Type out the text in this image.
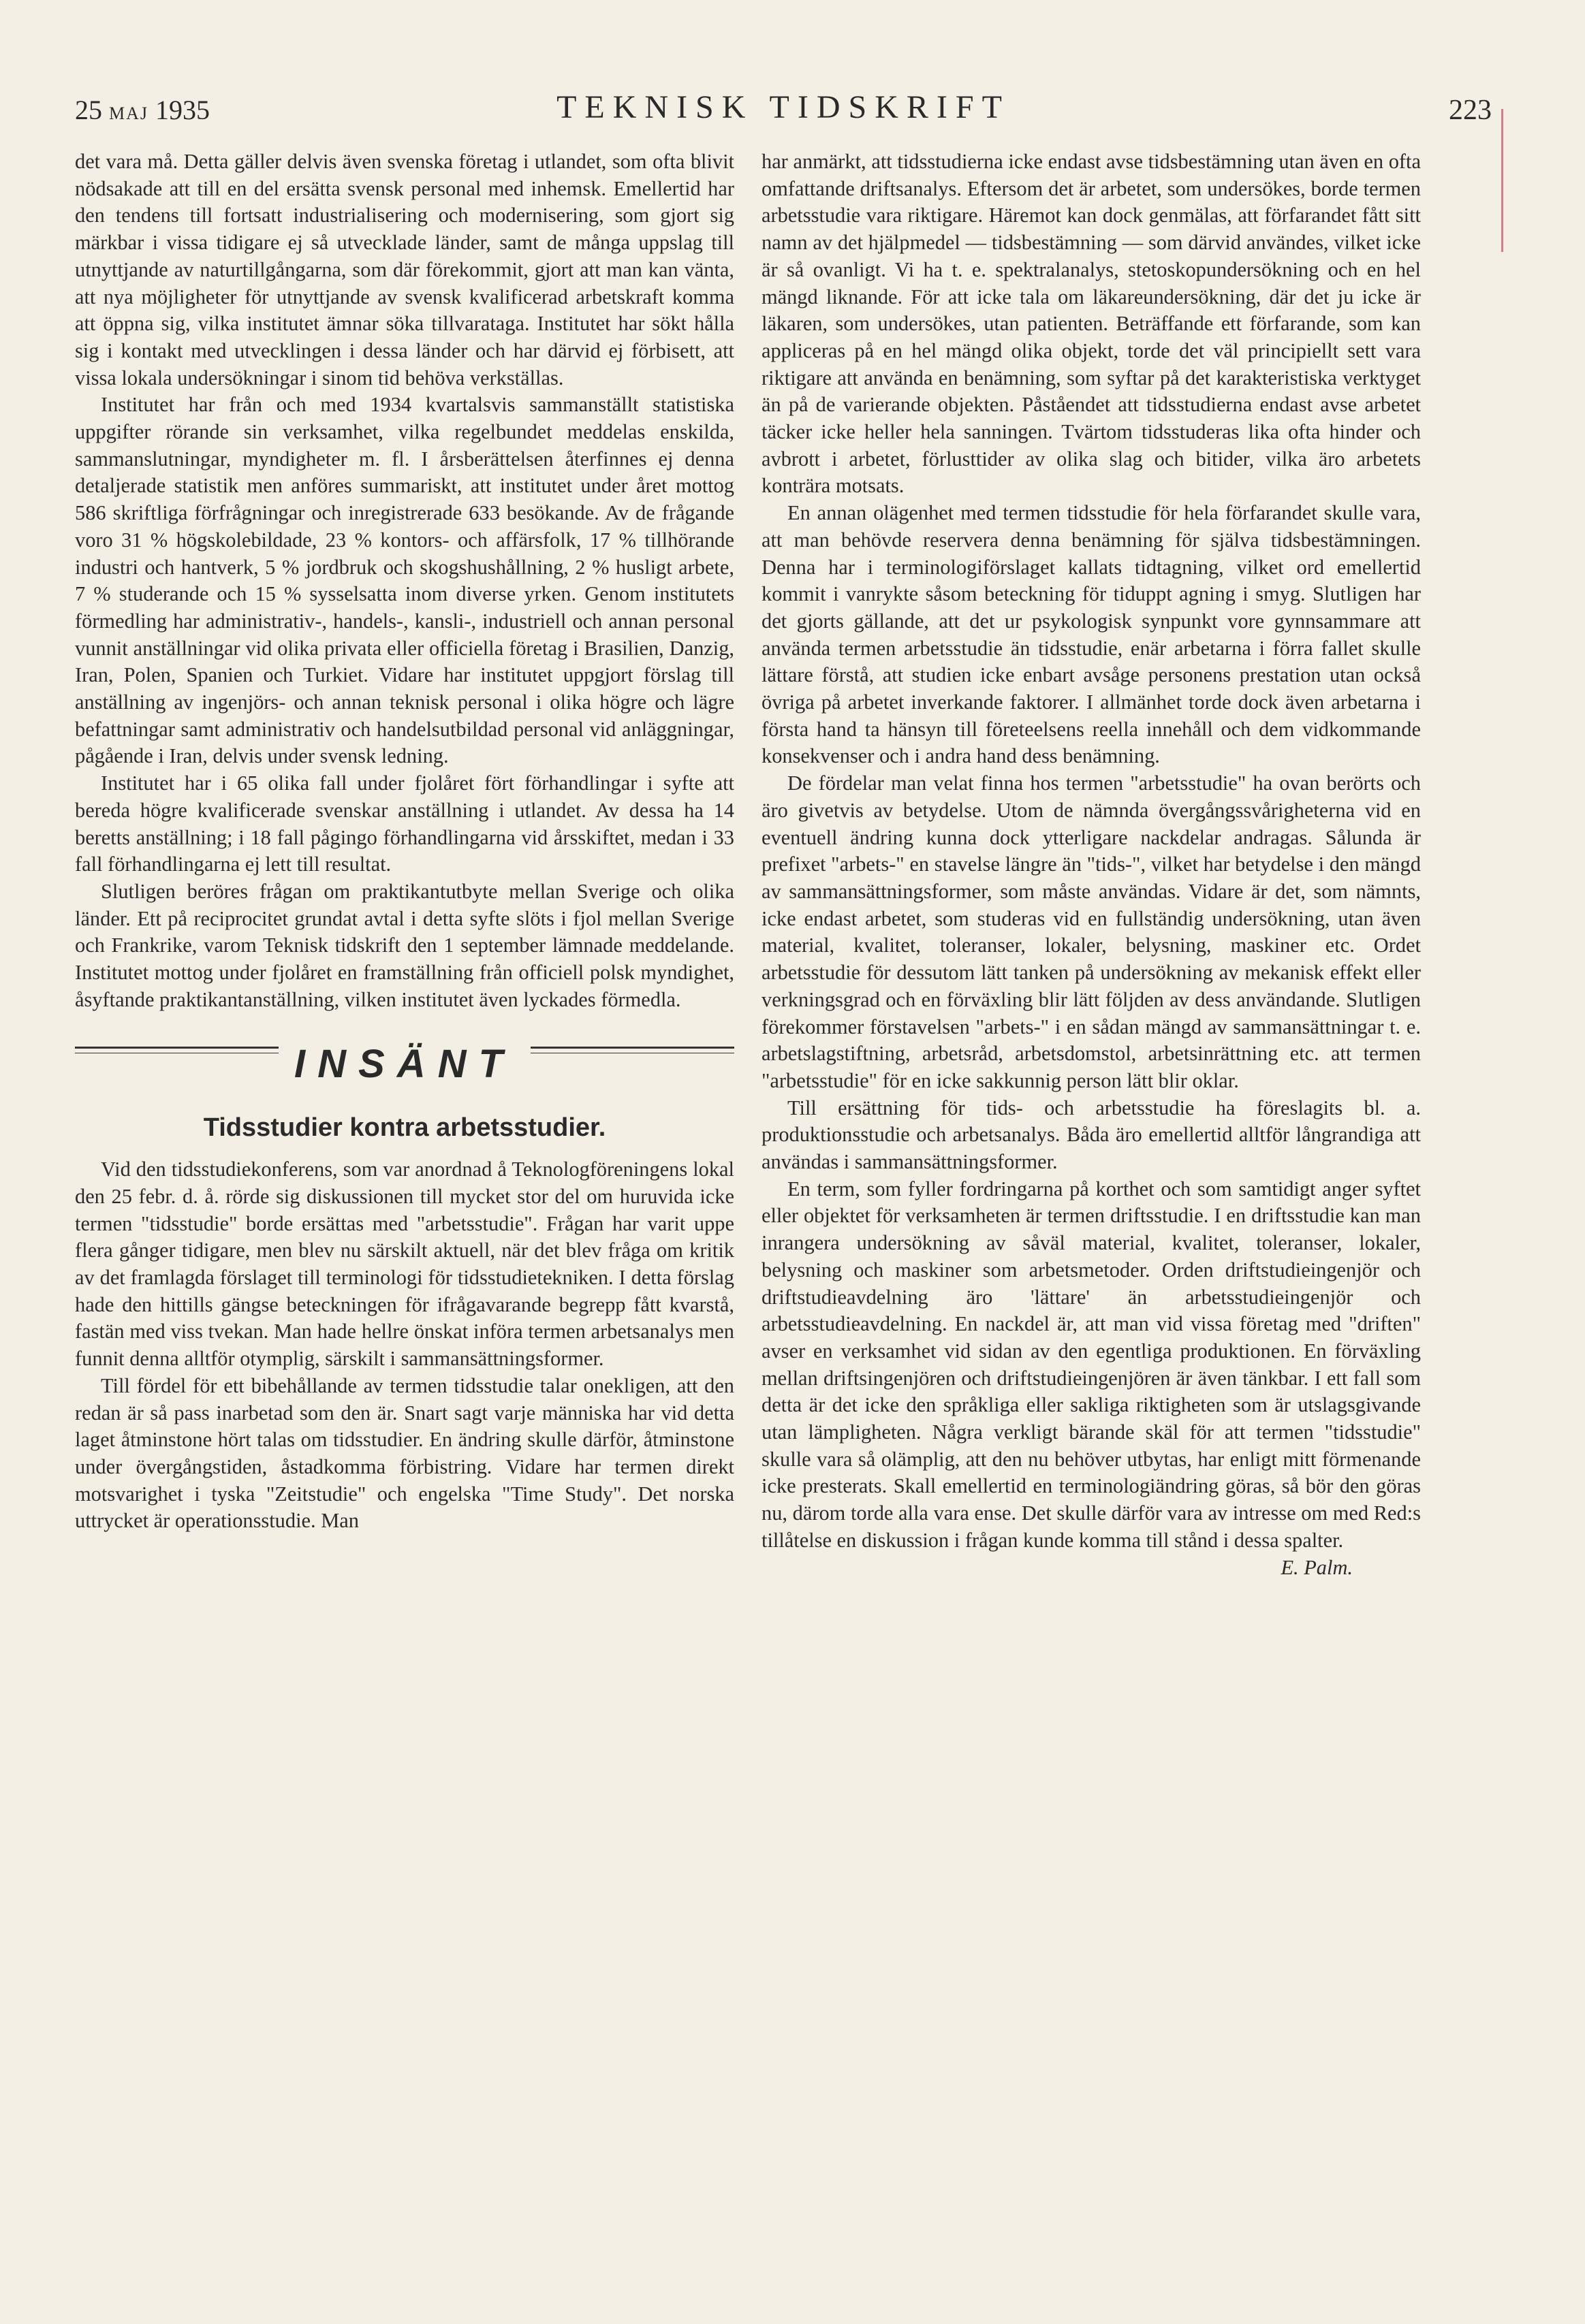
25 MAJ 1935	TEKNISK TIDSKRIFT	223

det vara må. Detta gäller delvis även svenska företag i utlandet, som ofta blivit nödsakade att till en del ersätta svensk personal med inhemsk. Emellertid har den tendens till fortsatt industrialisering och modernisering, som gjort sig märkbar i vissa tidigare ej så utvecklade länder, samt de många uppslag till utnyttjande av naturtillgångarna, som där förekommit, gjort att man kan vänta, att nya möjligheter för utnyttjande av svensk kvalificerad arbetskraft komma att öppna sig, vilka institutet ämnar söka tillvarataga. Institutet har sökt hålla sig i kontakt med utvecklingen i dessa länder och har därvid ej förbisett, att vissa lokala undersökningar i sinom tid behöva verkställas.

Institutet har från och med 1934 kvartalsvis sammanställt statistiska uppgifter rörande sin verksamhet, vilka regelbundet meddelas enskilda, sammanslutningar, myndigheter m. fl. I årsberättelsen återfinnes ej denna detaljerade statistik men anföres summariskt, att institutet under året mottog 586 skriftliga förfrågningar och inregistrerade 633 besökande. Av de frågande voro 31 % högskolebildade, 23 % kontors- och affärsfolk, 17 % tillhörande industri och hantverk, 5 % jordbruk och skogshushållning, 2 % husligt arbete, 7 % studerande och 15 % sysselsatta inom diverse yrken. Genom institutets förmedling har administrativ-, handels-, kansli-, industriell och annan personal vunnit anställningar vid olika privata eller officiella företag i Brasilien, Danzig, Iran, Polen, Spanien och Turkiet. Vidare har institutet uppgjort förslag till anställning av ingenjörs- och annan teknisk personal i olika högre och lägre befattningar samt administrativ och handelsutbildad personal vid anläggningar, pågående i Iran, delvis under svensk ledning.

Institutet har i 65 olika fall under fjolåret fört förhandlingar i syfte att bereda högre kvalificerade svenskar anställning i utlandet. Av dessa ha 14 beretts anställning; i 18 fall pågingo förhandlingarna vid årsskiftet, medan i 33 fall förhandlingarna ej lett till resultat.

Slutligen beröres frågan om praktikantutbyte mellan Sverige och olika länder. Ett på reciprocitet grundat avtal i detta syfte slöts i fjol mellan Sverige och Frankrike, varom Teknisk tidskrift den 1 september lämnade meddelande. Institutet mottog under fjolåret en framställning från officiell polsk myndighet, åsyftande praktikantanställning, vilken institutet även lyckades förmedla.

INSÄNT
Tidsstudier kontra arbetsstudier.

Vid den tidsstudiekonferens, som var anordnad å Teknologföreningens lokal den 25 febr. d. å. rörde sig diskussionen till mycket stor del om huruvida icke termen "tidsstudie" borde ersättas med "arbetsstudie". Frågan har varit uppe flera gånger tidigare, men blev nu särskilt aktuell, när det blev fråga om kritik av det framlagda förslaget till terminologi för tidsstudietekniken. I detta förslag hade den hittills gängse beteckningen för ifrågavarande begrepp fått kvarstå, fastän med viss tvekan. Man hade hellre önskat införa termen arbetsanalys men funnit denna alltför otymplig, särskilt i sammansättningsformer.

Till fördel för ett bibehållande av termen tidsstudie talar onekligen, att den redan är så pass inarbetad som den är. Snart sagt varje människa har vid detta laget åtminstone hört talas om tidsstudier. En ändring skulle därför, åtminstone under övergångstiden, åstadkomma förbistring. Vidare har termen direkt motsvarighet i tyska "Zeitstudie" och engelska "Time Study". Det norska uttrycket är operationsstudie. Man

har anmärkt, att tidsstudierna icke endast avse tidsbestämning utan även en ofta omfattande driftsanalys. Eftersom det är arbetet, som undersökes, borde termen arbetsstudie vara riktigare. Häremot kan dock genmälas, att förfarandet fått sitt namn av det hjälpmedel — tidsbestämning — som därvid användes, vilket icke är så ovanligt. Vi ha t. e. spektralanalys, stetoskopundersökning och en hel mängd liknande. För att icke tala om läkareundersökning, där det ju icke är läkaren, som undersökes, utan patienten. Beträffande ett förfarande, som kan appliceras på en hel mängd olika objekt, torde det väl principiellt sett vara riktigare att använda en benämning, som syftar på det karakteristiska verktyget än på de varierande objekten. Påståendet att tidsstudierna endast avse arbetet täcker icke heller hela sanningen. Tvärtom tidsstuderas lika ofta hinder och avbrott i arbetet, förlusttider av olika slag och bitider, vilka äro arbetets konträra motsats.

En annan olägenhet med termen tidsstudie för hela förfarandet skulle vara, att man behövde reservera denna benämning för själva tidsbestämningen. Denna har i terminologiförslaget kallats tidtagning, vilket ord emellertid kommit i vanrykte såsom beteckning för tiduppt agning i smyg. Slutligen har det gjorts gällande, att det ur psykologisk synpunkt vore gynnsammare att använda termen arbetsstudie än tidsstudie, enär arbetarna i förra fallet skulle lättare förstå, att studien icke enbart avsåge personens prestation utan också övriga på arbetet inverkande faktorer. I allmänhet torde dock även arbetarna i första hand ta hänsyn till företeelsens reella innehåll och dem vidkommande konsekvenser och i andra hand dess benämning.

De fördelar man velat finna hos termen "arbetsstudie" ha ovan berörts och äro givetvis av betydelse. Utom de nämnda övergångssvårigheterna vid en eventuell ändring kunna dock ytterligare nackdelar andragas. Sålunda är prefixet "arbets-" en stavelse längre än "tids-", vilket har betydelse i den mängd av sammansättningsformer, som måste användas. Vidare är det, som nämnts, icke endast arbetet, som studeras vid en fullständig undersökning, utan även material, kvalitet, toleranser, lokaler, belysning, maskiner etc. Ordet arbetsstudie för dessutom lätt tanken på undersökning av mekanisk effekt eller verkningsgrad och en förväxling blir lätt följden av dess användande. Slutligen förekommer förstavelsen "arbets-" i en sådan mängd av sammansättningar t. e. arbetslagstiftning, arbetsråd, arbetsdomstol, arbetsinrättning etc. att termen "arbetsstudie" för en icke sakkunnig person lätt blir oklar.

Till ersättning för tids- och arbetsstudie ha föreslagits bl. a. produktionsstudie och arbetsanalys. Båda äro emellertid alltför långrandiga att användas i sammansättningsformer.

En term, som fyller fordringarna på korthet och som samtidigt anger syftet eller objektet för verksamheten är termen driftsstudie. I en driftsstudie kan man inrangera undersökning av såväl material, kvalitet, toleranser, lokaler, belysning och maskiner som arbetsmetoder. Orden driftstudieingenjör och driftstudieavdelning äro 'lättare' än arbetsstudieingenjör och arbetsstudieavdelning. En nackdel är, att man vid vissa företag med "driften" avser en verksamhet vid sidan av den egentliga produktionen. En förväxling mellan driftsingenjören och driftstudieingenjören är även tänkbar. I ett fall som detta är det icke den språkliga eller sakliga riktigheten som är utslagsgivande utan lämpligheten. Några verkligt bärande skäl för att termen "tidsstudie" skulle vara så olämplig, att den nu behöver utbytas, har enligt mitt förmenande icke presterats. Skall emellertid en terminologiändring göras, så bör den göras nu, därom torde alla vara ense. Det skulle därför vara av intresse om med Red:s tillåtelse en diskussion i frågan kunde komma till stånd i dessa spalter.

E. Palm.
